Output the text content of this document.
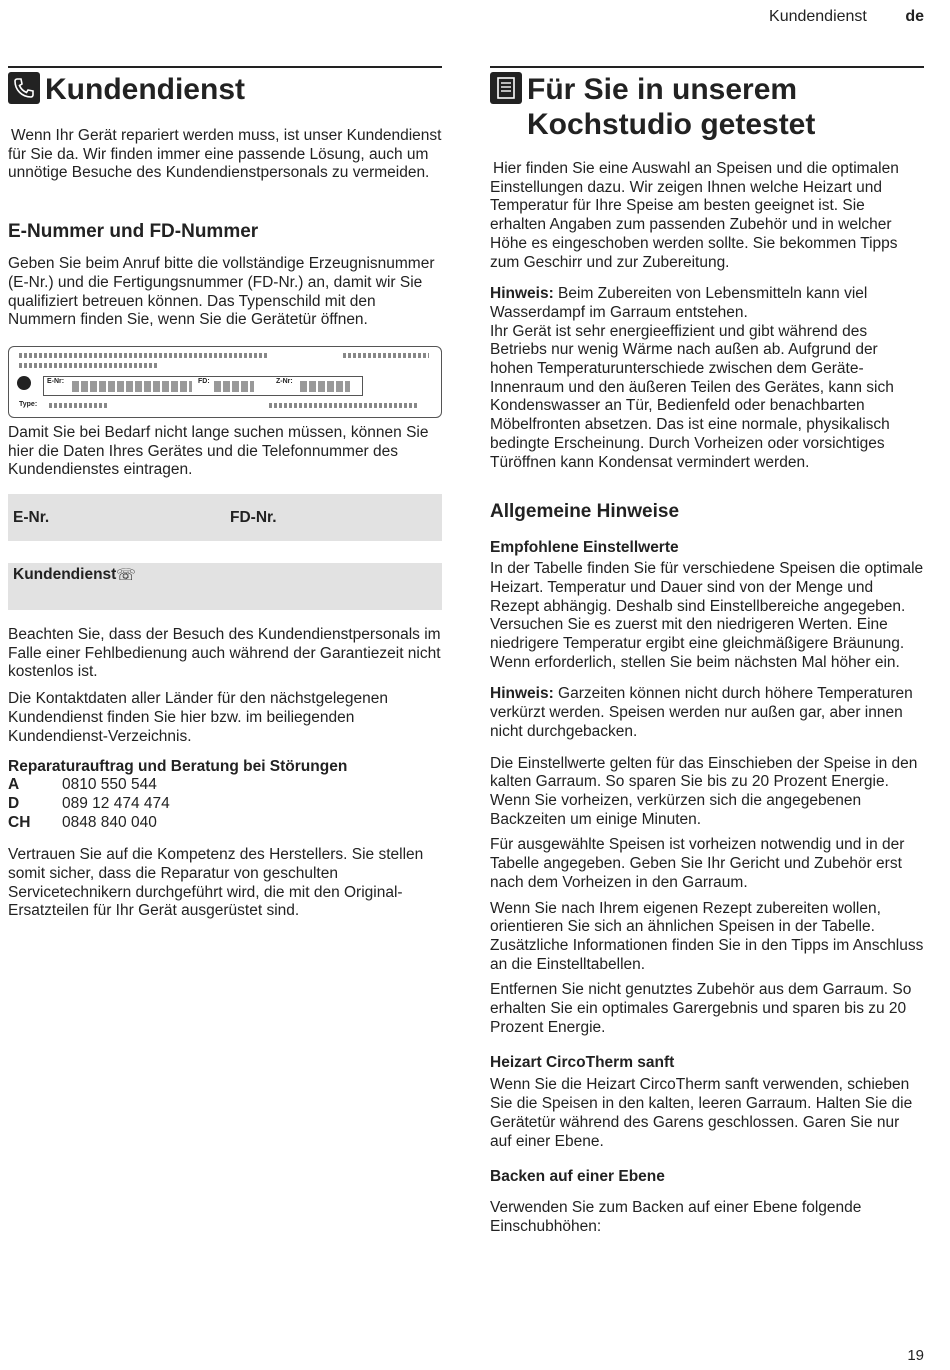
Kundendienst de
Kundendienst

Wenn Ihr Gerät repariert werden muss, ist unser Kundendienst für Sie da. Wir finden immer eine passende Lösung, auch um unnötige Besuche des Kundendienstpersonals zu vermeiden.

E-Nummer und FD-Nummer

Geben Sie beim Anruf bitte die vollständige Erzeugnisnummer (E-Nr.) und die Fertigungsnummer (FD-Nr.) an, damit wir Sie qualifiziert betreuen können. Das Typenschild mit den Nummern finden Sie, wenn Sie die Gerätetür öffnen.

E-Nr:	FD:	Z-Nr:
Type:

Damit Sie bei Bedarf nicht lange suchen müssen, können Sie hier die Daten Ihres Gerätes und die Telefonnummer des Kundendienstes eintragen.

E-Nr.	FD-Nr.
Kundendienst ☏

Beachten Sie, dass der Besuch des Kundendienstpersonals im Falle einer Fehlbedienung auch während der Garantiezeit nicht kostenlos ist.

Die Kontaktdaten aller Länder für den nächstgelegenen Kundendienst finden Sie hier bzw. im beiliegenden Kundendienst-Verzeichnis.

Reparaturauftrag und Beratung bei Störungen
A	0810 550 544
D	089 12 474 474
CH	0848 840 040

Vertrauen Sie auf die Kompetenz des Herstellers. Sie stellen somit sicher, dass die Reparatur von geschulten Servicetechnikern durchgeführt wird, die mit den Original-Ersatzteilen für Ihr Gerät ausgerüstet sind.

Für Sie in unserem
Kochstudio getestet

Hier finden Sie eine Auswahl an Speisen und die optimalen Einstellungen dazu. Wir zeigen Ihnen welche Heizart und Temperatur für Ihre Speise am besten geeignet ist. Sie erhalten Angaben zum passenden Zubehör und in welcher Höhe es eingeschoben werden sollte. Sie bekommen Tipps zum Geschirr und zur Zubereitung.

Hinweis: Beim Zubereiten von Lebensmitteln kann viel Wasserdampf im Garraum entstehen.

Ihr Gerät ist sehr energieeffizient und gibt während des Betriebs nur wenig Wärme nach außen ab. Aufgrund der hohen Temperaturunterschiede zwischen dem Geräte-Innenraum und den äußeren Teilen des Gerätes, kann sich Kondenswasser an Tür, Bedienfeld oder benachbarten Möbelfronten absetzen. Das ist eine normale, physikalisch bedingte Erscheinung. Durch Vorheizen oder vorsichtiges Türöffnen kann Kondensat vermindert werden.

Allgemeine Hinweise
Empfohlene Einstellwerte

In der Tabelle finden Sie für verschiedene Speisen die optimale Heizart. Temperatur und Dauer sind von der Menge und Rezept abhängig. Deshalb sind Einstellbereiche angegeben. Versuchen Sie es zuerst mit den niedrigeren Werten. Eine niedrigere Temperatur ergibt eine gleichmäßigere Bräunung. Wenn erforderlich, stellen Sie beim nächsten Mal höher ein.

Hinweis: Garzeiten können nicht durch höhere Temperaturen verkürzt werden. Speisen werden nur außen gar, aber innen nicht durchgebacken.

Die Einstellwerte gelten für das Einschieben der Speise in den kalten Garraum. So sparen Sie bis zu 20 Prozent Energie. Wenn Sie vorheizen, verkürzen sich die angegebenen Backzeiten um einige Minuten.

Für ausgewählte Speisen ist vorheizen notwendig und in der Tabelle angegeben. Geben Sie Ihr Gericht und Zubehör erst nach dem Vorheizen in den Garraum.

Wenn Sie nach Ihrem eigenen Rezept zubereiten wollen, orientieren Sie sich an ähnlichen Speisen in der Tabelle. Zusätzliche Informationen finden Sie in den Tipps im Anschluss an die Einstelltabellen.

Entfernen Sie nicht genutztes Zubehör aus dem Garraum. So erhalten Sie ein optimales Garergebnis und sparen bis zu 20 Prozent Energie.

Heizart CircoTherm sanft

Wenn Sie die Heizart CircoTherm sanft verwenden, schieben Sie die Speisen in den kalten, leeren Garraum. Halten Sie die Gerätetür während des Garens geschlossen. Garen Sie nur auf einer Ebene.

Backen auf einer Ebene

Verwenden Sie zum Backen auf einer Ebene folgende Einschubhöhen:

19
